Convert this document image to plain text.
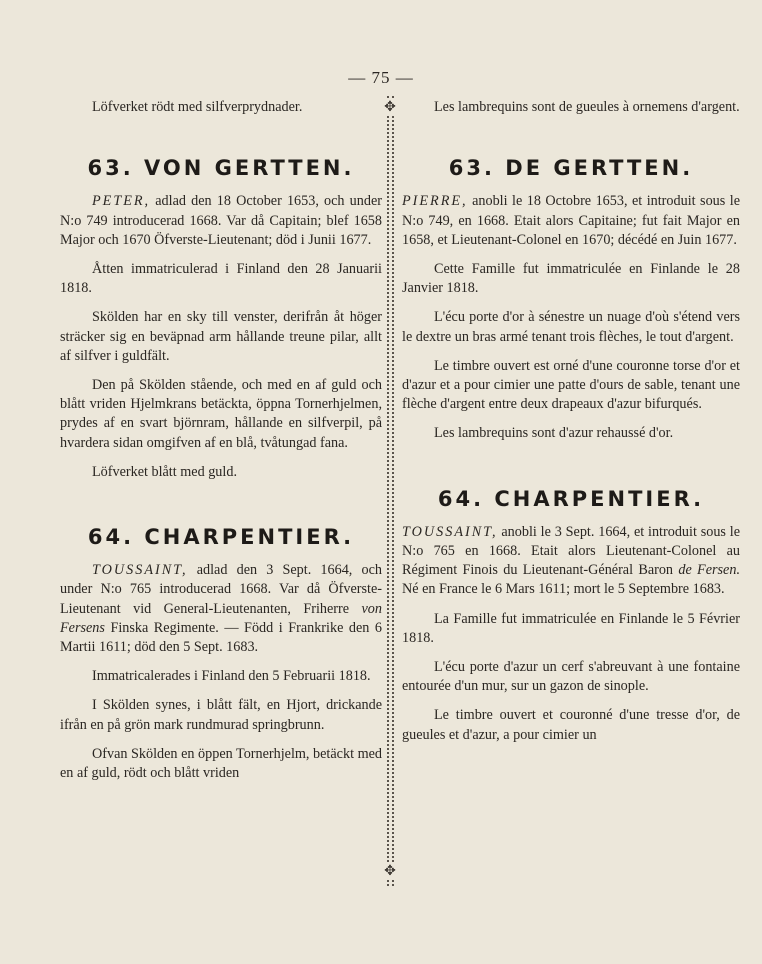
— 75 —
✥
✥

Löfverket rödt med silfverprydnader.

63. VON GERTTEN.

PETER, adlad den 18 October 1653, och under N:o 749 introducerad 1668. Var då Capitain; blef 1658 Major och 1670 Öfverste-Lieutenant; död i Junii 1677.

Åtten immatriculerad i Finland den 28 Januarii 1818.

Skölden har en sky till venster, derifrån åt höger sträcker sig en beväpnad arm hållande treune pilar, allt af silfver i guldfält.

Den på Skölden stående, och med en af guld och blått vriden Hjelmkrans betäckta, öppna Tornerhjelmen, prydes af en svart björnram, hållande en silfverpil, på hvardera sidan omgifven af en blå, tvåtungad fana.

Löfverket blått med guld.

64. CHARPENTIER.

TOUSSAINT, adlad den 3 Sept. 1664, och under N:o 765 introducerad 1668. Var då Öfverste-Lieutenant vid General-Lieutenanten, Friherre von Fersens Finska Regimente. — Född i Frankrike den 6 Martii 1611; död den 5 Sept. 1683.

Immatricalerades i Finland den 5 Februarii 1818.

I Skölden synes, i blått fält, en Hjort, drickande ifrån en på grön mark rundmurad springbrunn.

Ofvan Skölden en öppen Tornerhjelm, betäckt med en af guld, rödt och blått vriden

Les lambrequins sont de gueules à ornemens d'argent.

63. DE GERTTEN.

PIERRE, anobli le 18 Octobre 1653, et introduit sous le N:o 749, en 1668. Etait alors Capitaine; fut fait Major en 1658, et Lieutenant-Colonel en 1670; décédé en Juin 1677.

Cette Famille fut immatriculée en Finlande le 28 Janvier 1818.

L'écu porte d'or à sénestre un nuage d'où s'étend vers le dextre un bras armé tenant trois flèches, le tout d'argent.

Le timbre ouvert est orné d'une couronne torse d'or et d'azur et a pour cimier une patte d'ours de sable, tenant une flèche d'argent entre deux drapeaux d'azur bifurqués.

Les lambrequins sont d'azur rehaussé d'or.

64. CHARPENTIER.

TOUSSAINT, anobli le 3 Sept. 1664, et introduit sous le N:o 765 en 1668. Etait alors Lieutenant-Colonel au Régiment Finois du Lieutenant-Général Baron de Fersen. Né en France le 6 Mars 1611; mort le 5 Septembre 1683.

La Famille fut immatriculée en Finlande le 5 Février 1818.

L'écu porte d'azur un cerf s'abreuvant à une fontaine entourée d'un mur, sur un gazon de sinople.

Le timbre ouvert et couronné d'une tresse d'or, de gueules et d'azur, a pour cimier un
